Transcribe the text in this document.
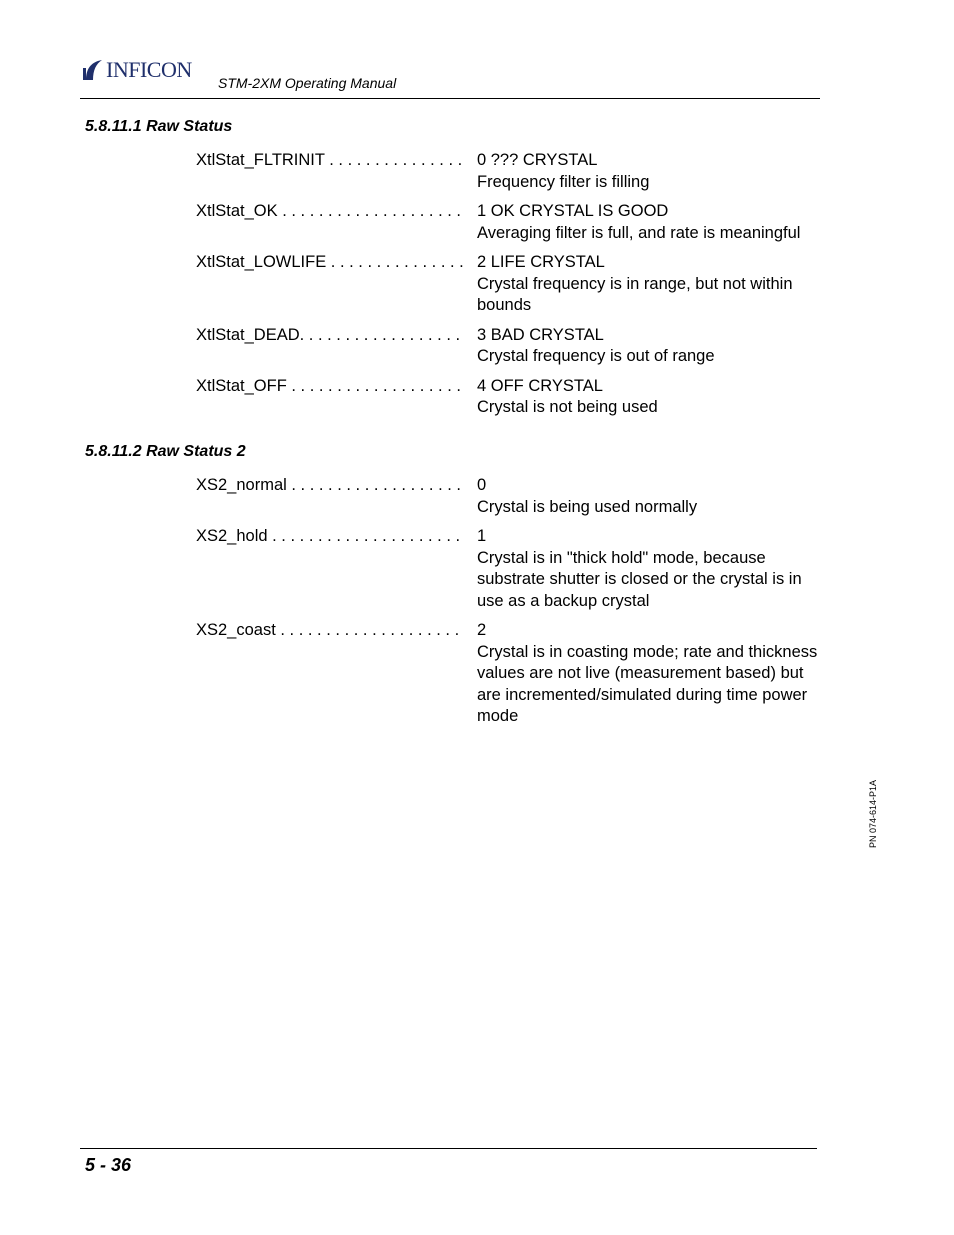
INFICON
STM-2XM Operating Manual
5.8.11.1 Raw Status
XtlStat_FLTRINIT . . . . . . . . . . . . . . . 0 ??? CRYSTAL
Frequency filter is filling
XtlStat_OK . . . . . . . . . . . . . . . . . . . . 1 OK CRYSTAL IS GOOD
Averaging filter is full, and rate is meaningful
XtlStat_LOWLIFE . . . . . . . . . . . . . . . 2 LIFE CRYSTAL
Crystal frequency is in range, but not within bounds
XtlStat_DEAD. . . . . . . . . . . . . . . . . .	3 BAD CRYSTAL
Crystal frequency is out of range
XtlStat_OFF . . . . . . . . . . . . . . . . . . . 4 OFF CRYSTAL
Crystal is not being used
5.8.11.2 Raw Status 2
XS2_normal . . . . . . . . . . . . . . . . . . . 0
Crystal is being used normally
XS2_hold . . . . . . . . . . . . . . . . . . . . .	1
Crystal is in "thick hold" mode, because substrate shutter is closed or the crystal is in use as a backup crystal
XS2_coast . . . . . . . . . . . . . . . . . . . .	2
Crystal is in coasting mode; rate and thickness values are not live (measurement based) but are incremented/simulated during time power mode
PN 074-614-P1A
5 - 36
